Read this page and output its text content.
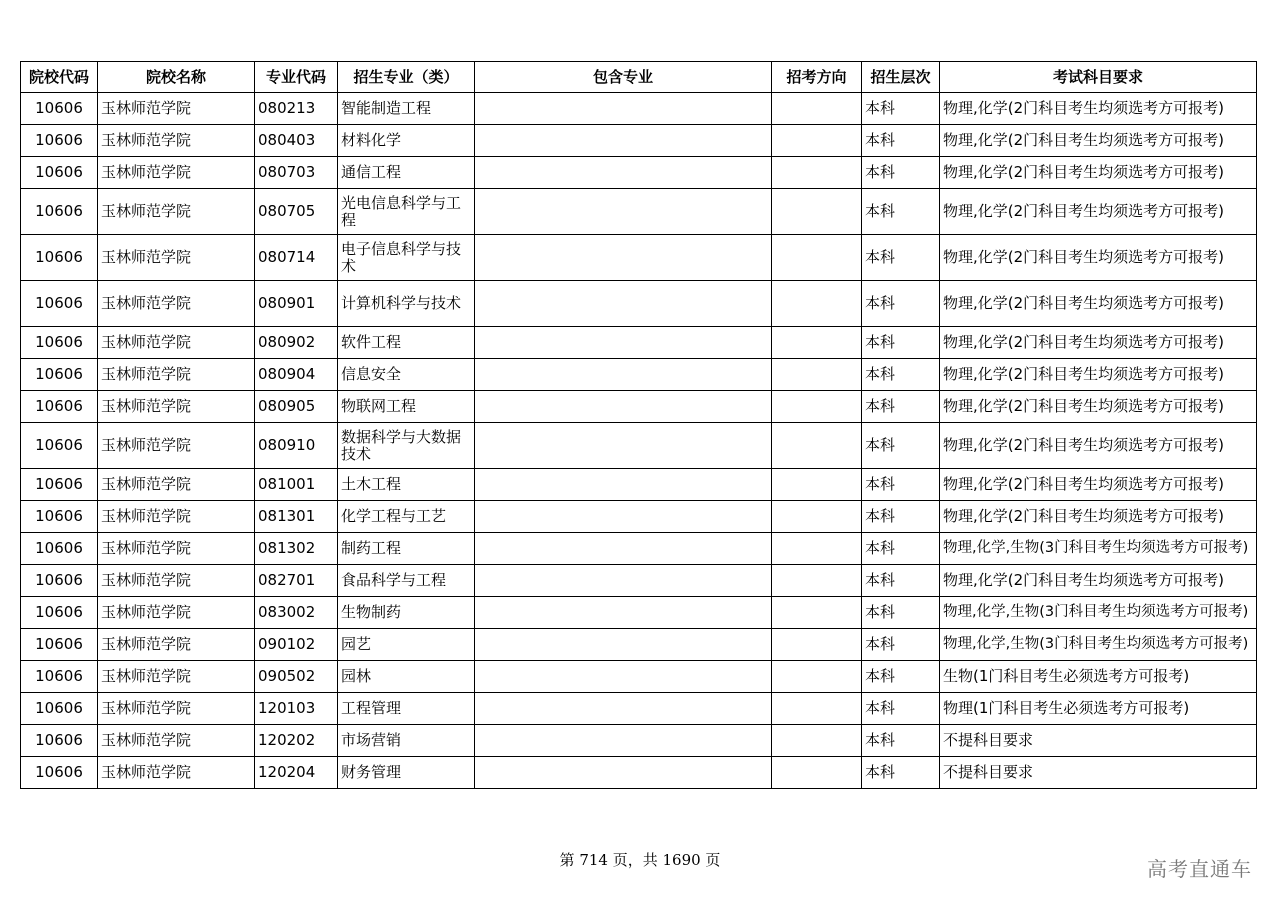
院校代码	院校名称	专业代码	招生专业（类）	包含专业	招考方向	招生层次	考试科目要求
10606	玉林师范学院	080213	智能制造工程			本科	物理,化学(2门科目考生均须选考方可报考)
10606	玉林师范学院	080403	材料化学			本科	物理,化学(2门科目考生均须选考方可报考)
10606	玉林师范学院	080703	通信工程			本科	物理,化学(2门科目考生均须选考方可报考)
10606	玉林师范学院	080705	光电信息科学与工程			本科	物理,化学(2门科目考生均须选考方可报考)
10606	玉林师范学院	080714	电子信息科学与技术			本科	物理,化学(2门科目考生均须选考方可报考)
10606	玉林师范学院	080901	计算机科学与技术			本科	物理,化学(2门科目考生均须选考方可报考)
10606	玉林师范学院	080902	软件工程			本科	物理,化学(2门科目考生均须选考方可报考)
10606	玉林师范学院	080904	信息安全			本科	物理,化学(2门科目考生均须选考方可报考)
10606	玉林师范学院	080905	物联网工程			本科	物理,化学(2门科目考生均须选考方可报考)
10606	玉林师范学院	080910	数据科学与大数据技术			本科	物理,化学(2门科目考生均须选考方可报考)
10606	玉林师范学院	081001	土木工程			本科	物理,化学(2门科目考生均须选考方可报考)
10606	玉林师范学院	081301	化学工程与工艺			本科	物理,化学(2门科目考生均须选考方可报考)
10606	玉林师范学院	081302	制药工程			本科	物理,化学,生物(3门科目考生均须选考方可报考)
10606	玉林师范学院	082701	食品科学与工程			本科	物理,化学(2门科目考生均须选考方可报考)
10606	玉林师范学院	083002	生物制药			本科	物理,化学,生物(3门科目考生均须选考方可报考)
10606	玉林师范学院	090102	园艺			本科	物理,化学,生物(3门科目考生均须选考方可报考)
10606	玉林师范学院	090502	园林			本科	生物(1门科目考生必须选考方可报考)
10606	玉林师范学院	120103	工程管理			本科	物理(1门科目考生必须选考方可报考)
10606	玉林师范学院	120202	市场营销			本科	不提科目要求
10606	玉林师范学院	120204	财务管理			本科	不提科目要求
第 714 页，共 1690 页	高考直通车
